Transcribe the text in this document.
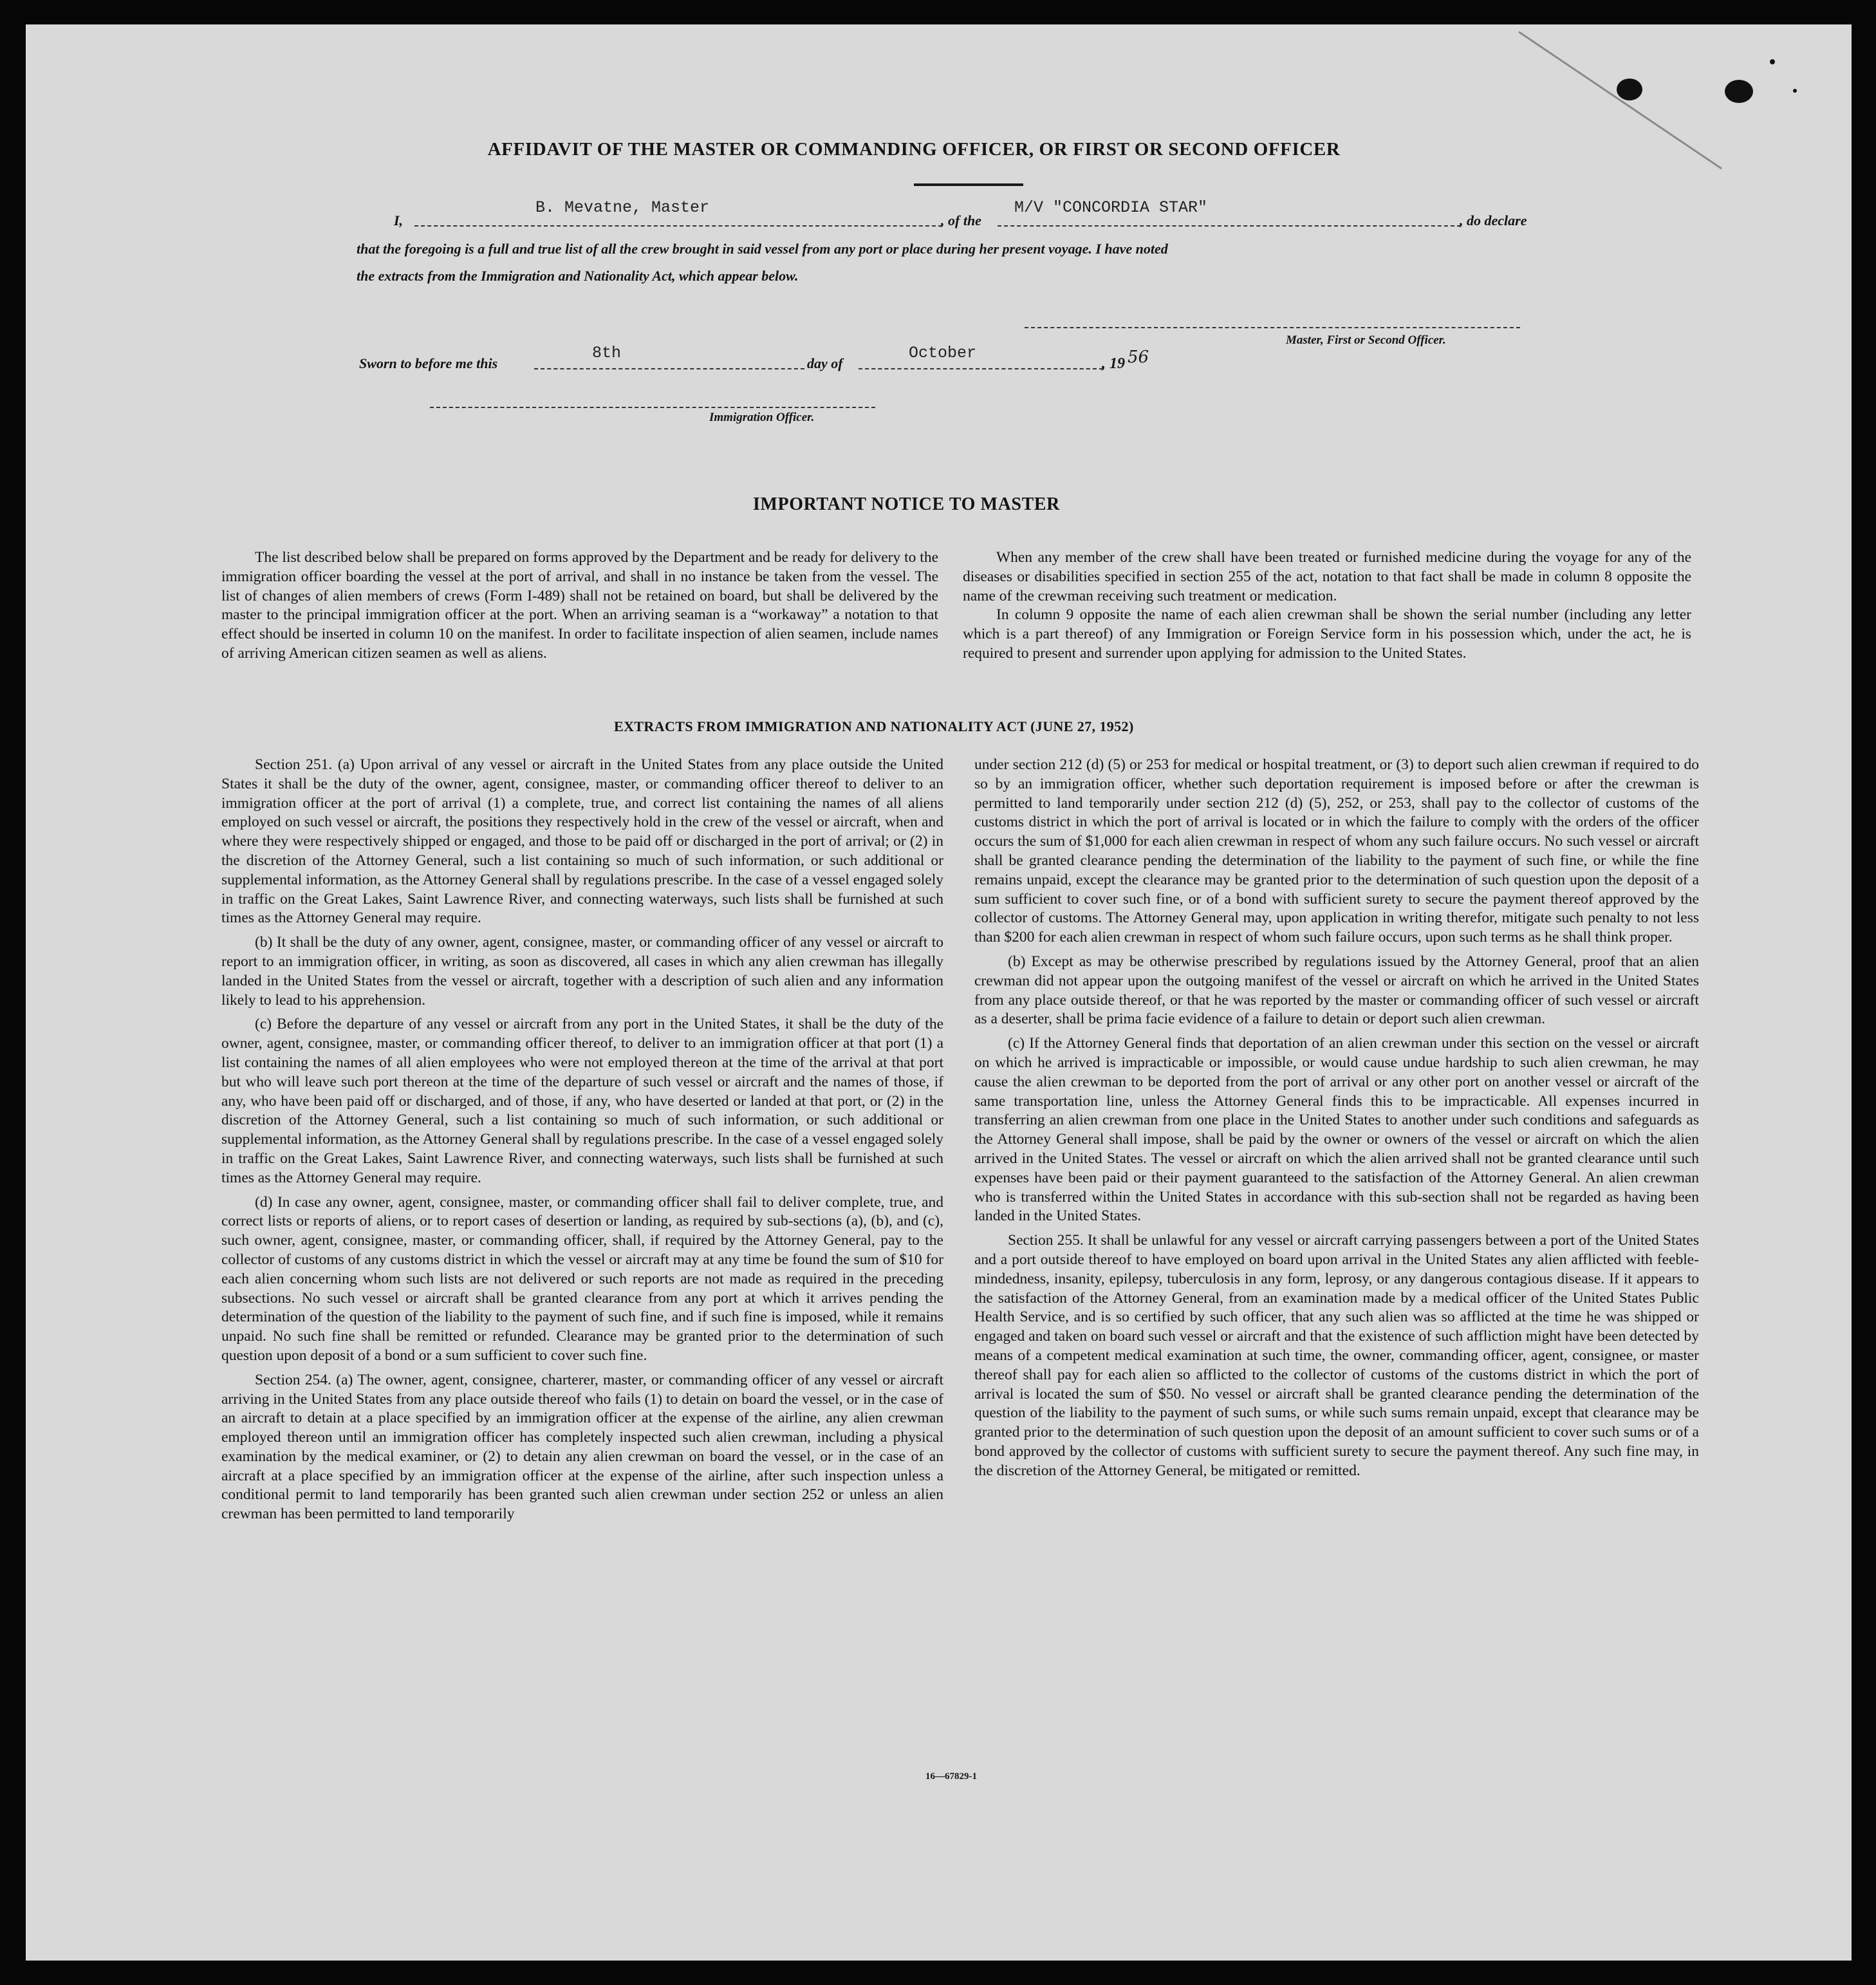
AFFIDAVIT OF THE MASTER OR COMMANDING OFFICER, OR FIRST OR SECOND OFFICER
I,
B. Mevatne, Master
, of the
M/V "CONCORDIA STAR"
, do declare
that the foregoing is a full and true list of all the crew brought in said vessel from any port or place during her present voyage. I have noted
the extracts from the Immigration and Nationality Act, which appear below.
Master, First or Second Officer.
Sworn to before me this
8th
day of
October
, 19 56
Immigration Officer.
IMPORTANT NOTICE TO MASTER

The list described below shall be prepared on forms approved by the Department and be ready for delivery to the immigration officer boarding the vessel at the port of arrival, and shall in no instance be taken from the vessel. The list of changes of alien members of crews (Form I-489) shall not be retained on board, but shall be delivered by the master to the principal immigration officer at the port. When an arriving seaman is a “workaway” a notation to that effect should be inserted in column 10 on the manifest. In order to facilitate inspection of alien seamen, include names of arriving American citizen seamen as well as aliens.

When any member of the crew shall have been treated or furnished medicine during the voyage for any of the diseases or disabilities specified in section 255 of the act, notation to that fact shall be made in column 8 opposite the name of the crewman receiving such treatment or medication.

In column 9 opposite the name of each alien crewman shall be shown the serial number (including any letter which is a part thereof) of any Immigration or Foreign Service form in his possession which, under the act, he is required to present and surrender upon applying for admission to the United States.

EXTRACTS FROM IMMIGRATION AND NATIONALITY ACT (JUNE 27, 1952)

Section 251. (a) Upon arrival of any vessel or aircraft in the United States from any place outside the United States it shall be the duty of the owner, agent, consignee, master, or commanding officer thereof to deliver to an immigration officer at the port of arrival (1) a complete, true, and correct list containing the names of all aliens employed on such vessel or aircraft, the positions they respectively hold in the crew of the vessel or aircraft, when and where they were respectively shipped or engaged, and those to be paid off or discharged in the port of arrival; or (2) in the discretion of the Attorney General, such a list containing so much of such information, or such additional or supplemental information, as the Attorney General shall by regulations prescribe. In the case of a vessel engaged solely in traffic on the Great Lakes, Saint Lawrence River, and connecting waterways, such lists shall be furnished at such times as the Attorney General may require.

(b) It shall be the duty of any owner, agent, consignee, master, or commanding officer of any vessel or aircraft to report to an immigration officer, in writing, as soon as discovered, all cases in which any alien crewman has illegally landed in the United States from the vessel or aircraft, together with a description of such alien and any information likely to lead to his apprehension.

(c) Before the departure of any vessel or aircraft from any port in the United States, it shall be the duty of the owner, agent, consignee, master, or commanding officer thereof, to deliver to an immigration officer at that port (1) a list containing the names of all alien employees who were not employed thereon at the time of the arrival at that port but who will leave such port thereon at the time of the departure of such vessel or aircraft and the names of those, if any, who have been paid off or discharged, and of those, if any, who have deserted or landed at that port, or (2) in the discretion of the Attorney General, such a list containing so much of such information, or such additional or supplemental information, as the Attorney General shall by regulations prescribe. In the case of a vessel engaged solely in traffic on the Great Lakes, Saint Lawrence River, and connecting waterways, such lists shall be furnished at such times as the Attorney General may require.

(d) In case any owner, agent, consignee, master, or commanding officer shall fail to deliver complete, true, and correct lists or reports of aliens, or to report cases of desertion or landing, as required by sub-sections (a), (b), and (c), such owner, agent, consignee, master, or commanding officer, shall, if required by the Attorney General, pay to the collector of customs of any customs district in which the vessel or aircraft may at any time be found the sum of $10 for each alien concerning whom such lists are not delivered or such reports are not made as required in the preceding subsections. No such vessel or aircraft shall be granted clearance from any port at which it arrives pending the determination of the question of the liability to the payment of such fine, and if such fine is imposed, while it remains unpaid. No such fine shall be remitted or refunded. Clearance may be granted prior to the determination of such question upon deposit of a bond or a sum sufficient to cover such fine.

Section 254. (a) The owner, agent, consignee, charterer, master, or commanding officer of any vessel or aircraft arriving in the United States from any place outside thereof who fails (1) to detain on board the vessel, or in the case of an aircraft to detain at a place specified by an immigration officer at the expense of the airline, any alien crewman employed thereon until an immigration officer has completely inspected such alien crewman, including a physical examination by the medical examiner, or (2) to detain any alien crewman on board the vessel, or in the case of an aircraft at a place specified by an immigration officer at the expense of the airline, after such inspection unless a conditional permit to land temporarily has been granted such alien crewman under section 252 or unless an alien crewman has been permitted to land temporarily

under section 212 (d) (5) or 253 for medical or hospital treatment, or (3) to deport such alien crewman if required to do so by an immigration officer, whether such deportation requirement is imposed before or after the crewman is permitted to land temporarily under section 212 (d) (5), 252, or 253, shall pay to the collector of customs of the customs district in which the port of arrival is located or in which the failure to comply with the orders of the officer occurs the sum of $1,000 for each alien crewman in respect of whom any such failure occurs. No such vessel or aircraft shall be granted clearance pending the determination of the liability to the payment of such fine, or while the fine remains unpaid, except the clearance may be granted prior to the determination of such question upon the deposit of a sum sufficient to cover such fine, or of a bond with sufficient surety to secure the payment thereof approved by the collector of customs. The Attorney General may, upon application in writing therefor, mitigate such penalty to not less than $200 for each alien crewman in respect of whom such failure occurs, upon such terms as he shall think proper.

(b) Except as may be otherwise prescribed by regulations issued by the Attorney General, proof that an alien crewman did not appear upon the outgoing manifest of the vessel or aircraft on which he arrived in the United States from any place outside thereof, or that he was reported by the master or commanding officer of such vessel or aircraft as a deserter, shall be prima facie evidence of a failure to detain or deport such alien crewman.

(c) If the Attorney General finds that deportation of an alien crewman under this section on the vessel or aircraft on which he arrived is impracticable or impossible, or would cause undue hardship to such alien crewman, he may cause the alien crewman to be deported from the port of arrival or any other port on another vessel or aircraft of the same transportation line, unless the Attorney General finds this to be impracticable. All expenses incurred in transferring an alien crewman from one place in the United States to another under such conditions and safeguards as the Attorney General shall impose, shall be paid by the owner or owners of the vessel or aircraft on which the alien arrived in the United States. The vessel or aircraft on which the alien arrived shall not be granted clearance until such expenses have been paid or their payment guaranteed to the satisfaction of the Attorney General. An alien crewman who is transferred within the United States in accordance with this sub-section shall not be regarded as having been landed in the United States.

Section 255. It shall be unlawful for any vessel or aircraft carrying passengers between a port of the United States and a port outside thereof to have employed on board upon arrival in the United States any alien afflicted with feeble-mindedness, insanity, epilepsy, tuberculosis in any form, leprosy, or any dangerous contagious disease. If it appears to the satisfaction of the Attorney General, from an examination made by a medical officer of the United States Public Health Service, and is so certified by such officer, that any such alien was so afflicted at the time he was shipped or engaged and taken on board such vessel or aircraft and that the existence of such affliction might have been detected by means of a competent medical examination at such time, the owner, commanding officer, agent, consignee, or master thereof shall pay for each alien so afflicted to the collector of customs of the customs district in which the port of arrival is located the sum of $50. No vessel or aircraft shall be granted clearance pending the determination of the question of the liability to the payment of such sums, or while such sums remain unpaid, except that clearance may be granted prior to the determination of such question upon the deposit of an amount sufficient to cover such sums or of a bond approved by the collector of customs with sufficient surety to secure the payment thereof. Any such fine may, in the discretion of the Attorney General, be mitigated or remitted.

16—67829-1
